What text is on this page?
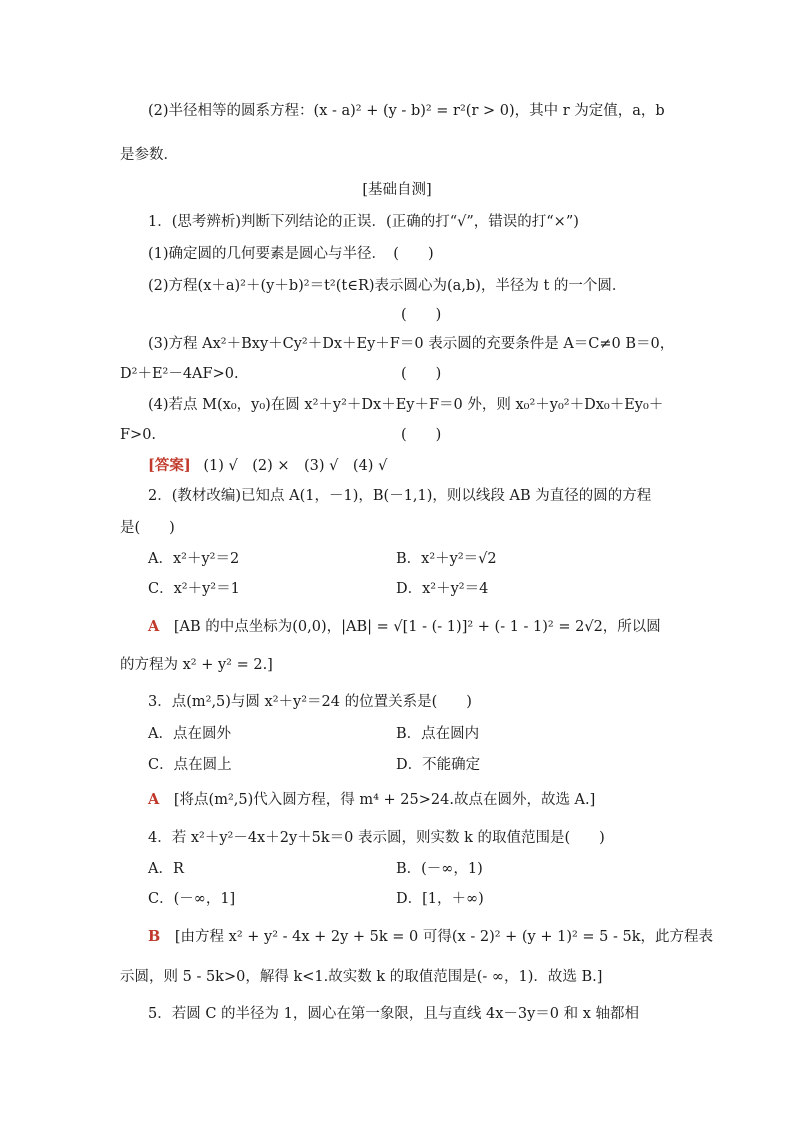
(2)半径相等的圆系方程：(x - a)² + (y - b)² = r²(r > 0)，其中 r 为定值，a，b
是参数．
[基础自测]
1．(思考辨析)判断下列结论的正误．(正确的打“√”，错误的打“×”)
(1)确定圆的几何要素是圆心与半径．　(　　)
(2)方程(x＋a)²＋(y＋b)²＝t²(t∈R)表示圆心为(a,b)，半径为 t 的一个圆．
(　　)
(3)方程 Ax²＋Bxy＋Cy²＋Dx＋Ey＋F＝0 表示圆的充要条件是 A＝C≠0 B＝0，
D²＋E²－4AF>0.	(　　)
(4)若点 M(x₀，y₀)在圆 x²＋y²＋Dx＋Ey＋F＝0 外，则 x₀²＋y₀²＋Dx₀＋Ey₀＋
F>0.	(　　)
[答案] (1) √　(2) ×　(3) √　(4) √
2．(教材改编)已知点 A(1，－1)，B(－1,1)，则以线段 AB 为直径的圆的方程
是(　　)
A．x²＋y²＝2	B．x²＋y²＝√2
C．x²＋y²＝1	D．x²＋y²＝4
A [AB 的中点坐标为(0,0)，|AB| = √[1 - (- 1)]² + (- 1 - 1)² = 2√2，所以圆
的方程为 x² + y² = 2.]
3．点(m²,5)与圆 x²＋y²＝24 的位置关系是(　　)
A．点在圆外	B．点在圆内
C．点在圆上	D．不能确定
A [将点(m²,5)代入圆方程，得 m⁴ + 25>24.故点在圆外，故选 A.]
4．若 x²＋y²－4x＋2y＋5k＝0 表示圆，则实数 k 的取值范围是(　　)
A．R	B．(－∞，1)
C．(－∞，1]	D．[1，＋∞)
B [由方程 x² + y² - 4x + 2y + 5k = 0 可得(x - 2)² + (y + 1)² = 5 - 5k，此方程表
示圆，则 5 - 5k>0，解得 k<1.故实数 k 的取值范围是(- ∞，1)．故选 B.]
5．若圆 C 的半径为 1，圆心在第一象限，且与直线 4x－3y＝0 和 x 轴都相
